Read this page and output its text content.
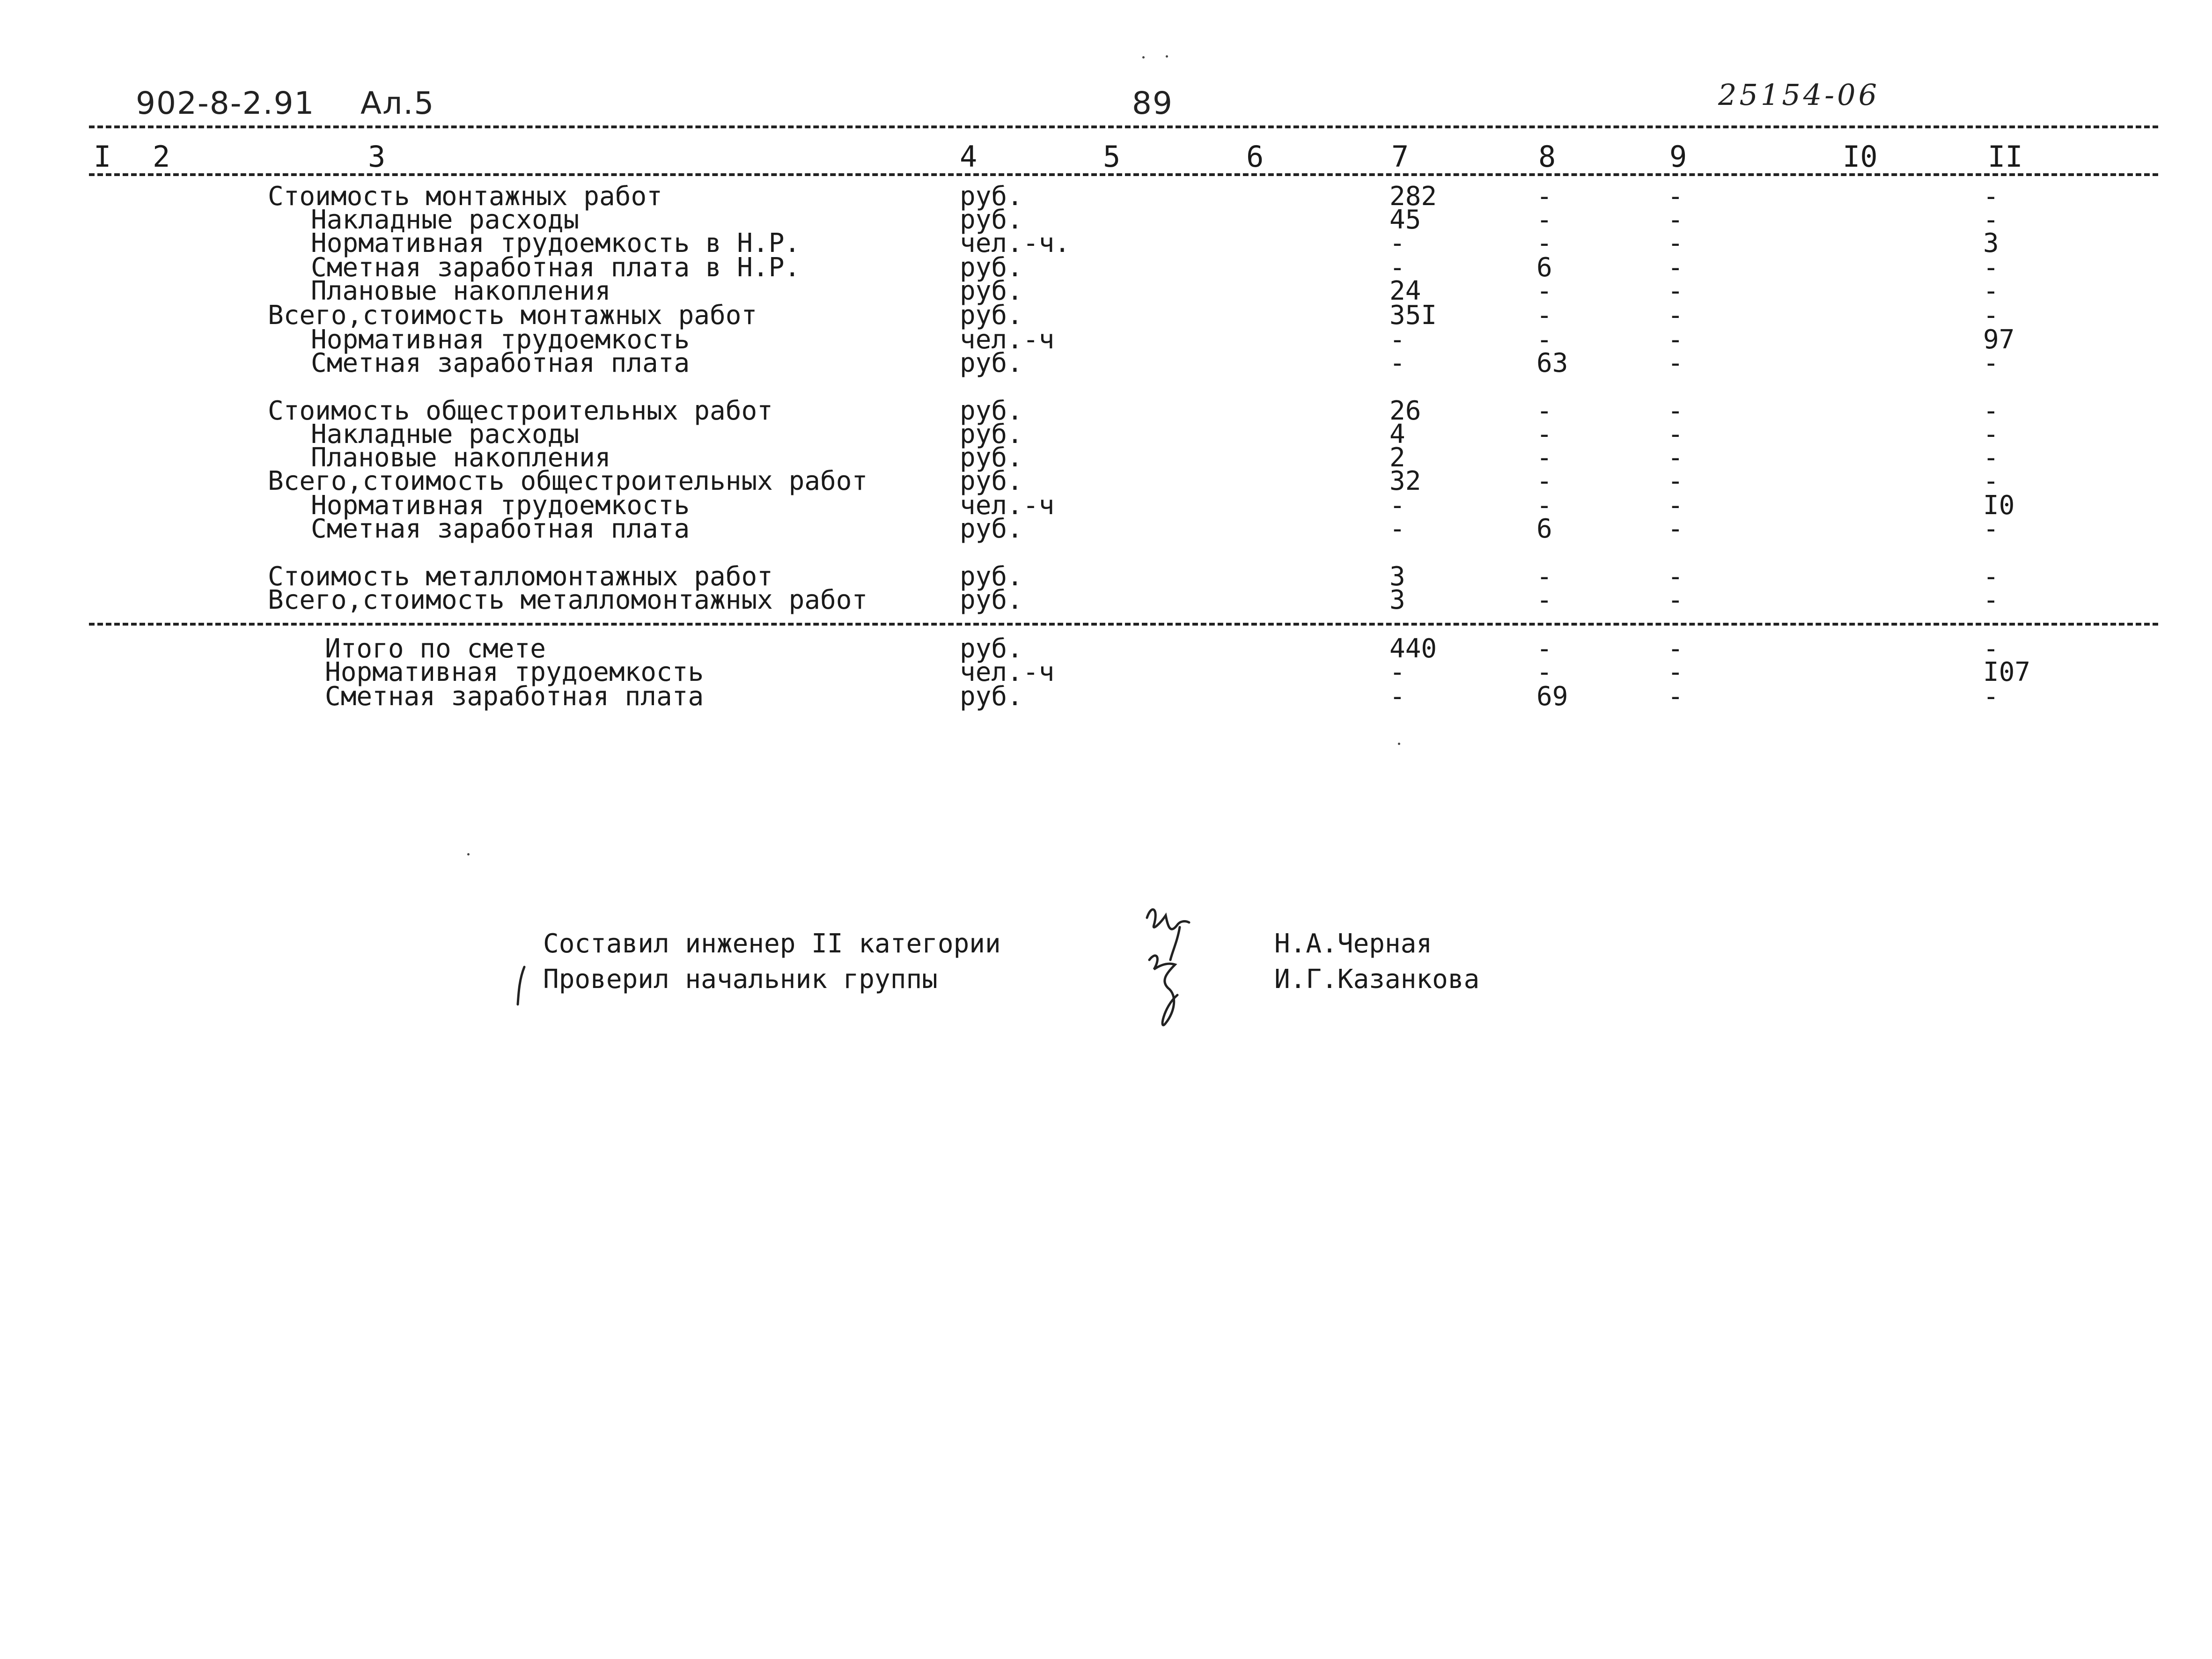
902-8-2.91 Ал.5	89	25154-06
I 2	3	4	5	6	7	8	9	I0	II
Стоимость монтажных работ	руб.	282	-	-	-
Накладные расходы	руб.	45	-	-	-
Нормативная трудоемкость в Н.Р.	чел.-ч.	-	-	-	3
Сметная заработная плата в Н.Р.	руб.	-	6	-	-
Плановые накопления	руб.	24	-	-	-
Всего,стоимость монтажных работ	руб.	35I	-	-	-
Нормативная трудоемкость	чел.-ч	-	-	-	97
Сметная заработная плата	руб.	-	63	-	-
Стоимость общестроительных работ	руб.	26	-	-	-
Накладные расходы	руб.	4	-	-	-
Плановые накопления	руб.	2	-	-	-
Всего,стоимость общестроительных работ	руб.	32	-	-	-
Нормативная трудоемкость	чел.-ч	-	-	-	I0
Сметная заработная плата	руб.	-	6	-	-
Стоимость металломонтажных работ	руб.	3	-	-	-
Всего,стоимость металломонтажных работ	руб.	3	-	-	-
Итого по смете	руб.	440	-	-	-
Нормативная трудоемкость	чел.-ч	-	-	-	I07
Сметная заработная плата	руб.	-	69	-	-
Составил инженер II категории	Н.А.Черная
Проверил начальник группы	И.Г.Казанкова
